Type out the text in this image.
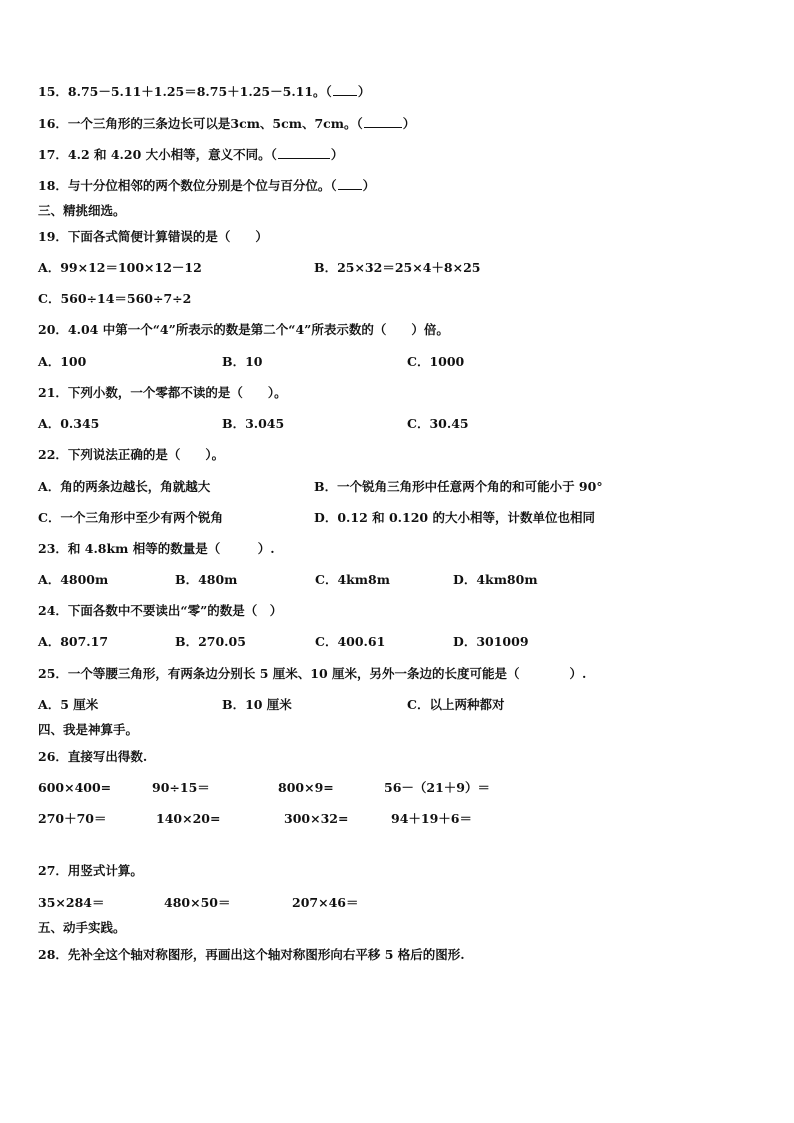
15．8.75－5.11＋1.25＝8.75＋1.25－5.11。（ ）
16．一个三角形的三条边长可以是3cm、5cm、7cm。（	）
17．4.2 和 4.20 大小相等，意义不同。（	）
18．与十分位相邻的两个数位分别是个位与百分位。（ ）
三、精挑细选。
19．下面各式简便计算错误的是（　　）
A．99×12＝100×12－12	B．25×32＝25×4＋8×25
C．560÷14＝560÷7÷2
20．4.04 中第一个“4”所表示的数是第二个“4”所表示数的（　　）倍。
A．100	B．10	C．1000
21．下列小数，一个零都不读的是（　　）。
A．0.345	B．3.045	C．30.45
22．下列说法正确的是（　　）。
A．角的两条边越长，角就越大	B．一个锐角三角形中任意两个角的和可能小于 90°
C．一个三角形中至少有两个锐角	D．0.12 和 0.120 的大小相等，计数单位也相同
23．和 4.8km 相等的数量是（　　　）.
A．4800m	B．480m	C．4km8m	D．4km80m
24．下面各数中不要读出“零”的数是（　）
A．807.17	B．270.05	C．400.61	D．301009
25．一个等腰三角形，有两条边分别长 5 厘米、10 厘米，另外一条边的长度可能是（　　　　）.
A．5 厘米	B．10 厘米	C．以上两种都对
四、我是神算手。
26．直接写出得数.
600×400=	90÷15＝	800×9=	56－（21＋9）＝
270＋70＝	140×20=	300×32=	94＋19＋6＝
27．用竖式计算。
35×284＝	480×50＝	207×46＝
五、动手实践。
28．先补全这个轴对称图形，再画出这个轴对称图形向右平移 5 格后的图形.
